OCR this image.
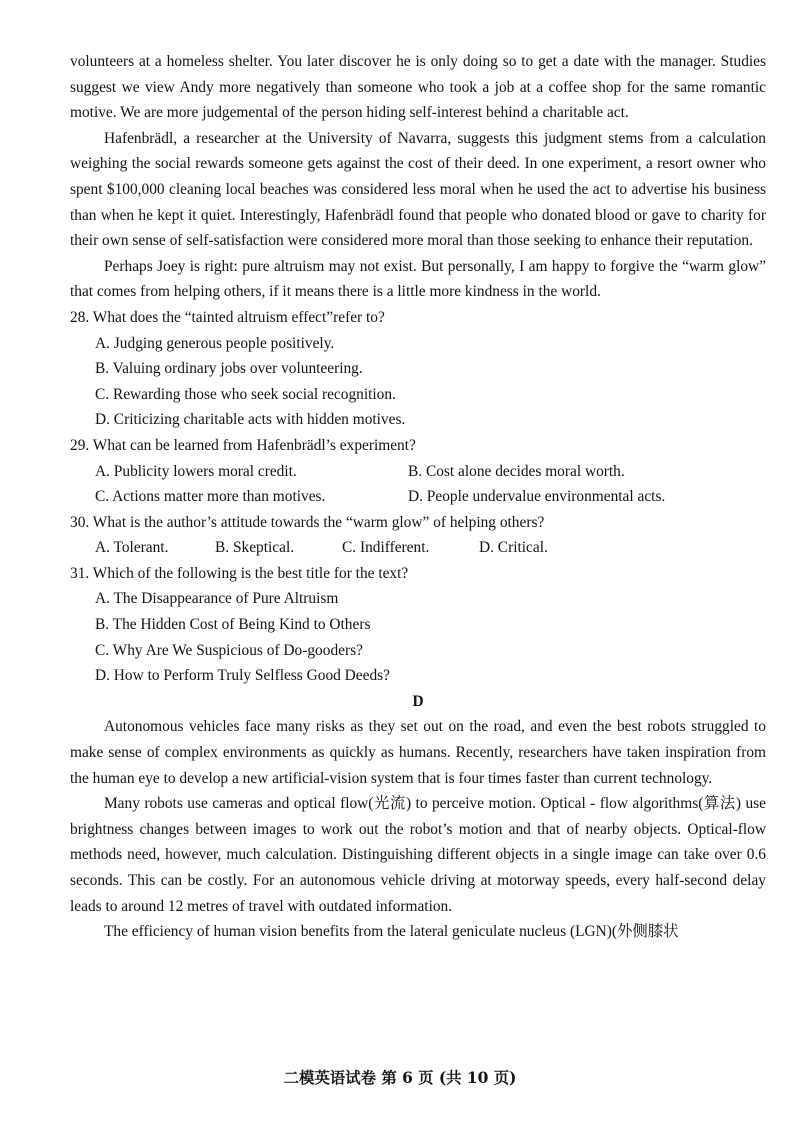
volunteers at a homeless shelter. You later discover he is only doing so to get a date with the manager. Studies suggest we view Andy more negatively than someone who took a job at a coffee shop for the same romantic motive. We are more judgemental of the person hiding self-interest behind a charitable act.

Hafenbrädl, a researcher at the University of Navarra, suggests this judgment stems from a calculation weighing the social rewards someone gets against the cost of their deed. In one experiment, a resort owner who spent $100,000 cleaning local beaches was considered less moral when he used the act to advertise his business than when he kept it quiet. Interestingly, Hafenbrädl found that people who donated blood or gave to charity for their own sense of self-satisfaction were considered more moral than those seeking to enhance their reputation.

Perhaps Joey is right: pure altruism may not exist. But personally, I am happy to forgive the “warm glow” that comes from helping others, if it means there is a little more kindness in the world.

28. What does the “tainted altruism effect”refer to?

A. Judging generous people positively.

B. Valuing ordinary jobs over volunteering.

C. Rewarding those who seek social recognition.

D. Criticizing charitable acts with hidden motives.

29. What can be learned from Hafenbrädl’s experiment?

A. Publicity lowers moral credit.	B. Cost alone decides moral worth.
C. Actions matter more than motives.	D. People undervalue environmental acts.

30. What is the author’s attitude towards the “warm glow” of helping others?

A. Tolerant.	B. Skeptical.	C. Indifferent.	D. Critical.

31. Which of the following is the best title for the text?

A. The Disappearance of Pure Altruism

B. The Hidden Cost of Being Kind to Others

C. Why Are We Suspicious of Do-gooders?

D. How to Perform Truly Selfless Good Deeds?

D

Autonomous vehicles face many risks as they set out on the road, and even the best robots struggled to make sense of complex environments as quickly as humans. Recently, researchers have taken inspiration from the human eye to develop a new artificial-vision system that is four times faster than current technology.

Many robots use cameras and optical flow(光流) to perceive motion. Optical - flow algorithms(算法) use brightness changes between images to work out the robot’s motion and that of nearby objects. Optical-flow methods need, however, much calculation. Distinguishing different objects in a single image can take over 0.6 seconds. This can be costly. For an autonomous vehicle driving at motorway speeds, every half-second delay leads to around 12 metres of travel with outdated information.

The efficiency of human vision benefits from the lateral geniculate nucleus (LGN)(外侧膝状

二模英语试卷 第 6 页 (共 10 页)
